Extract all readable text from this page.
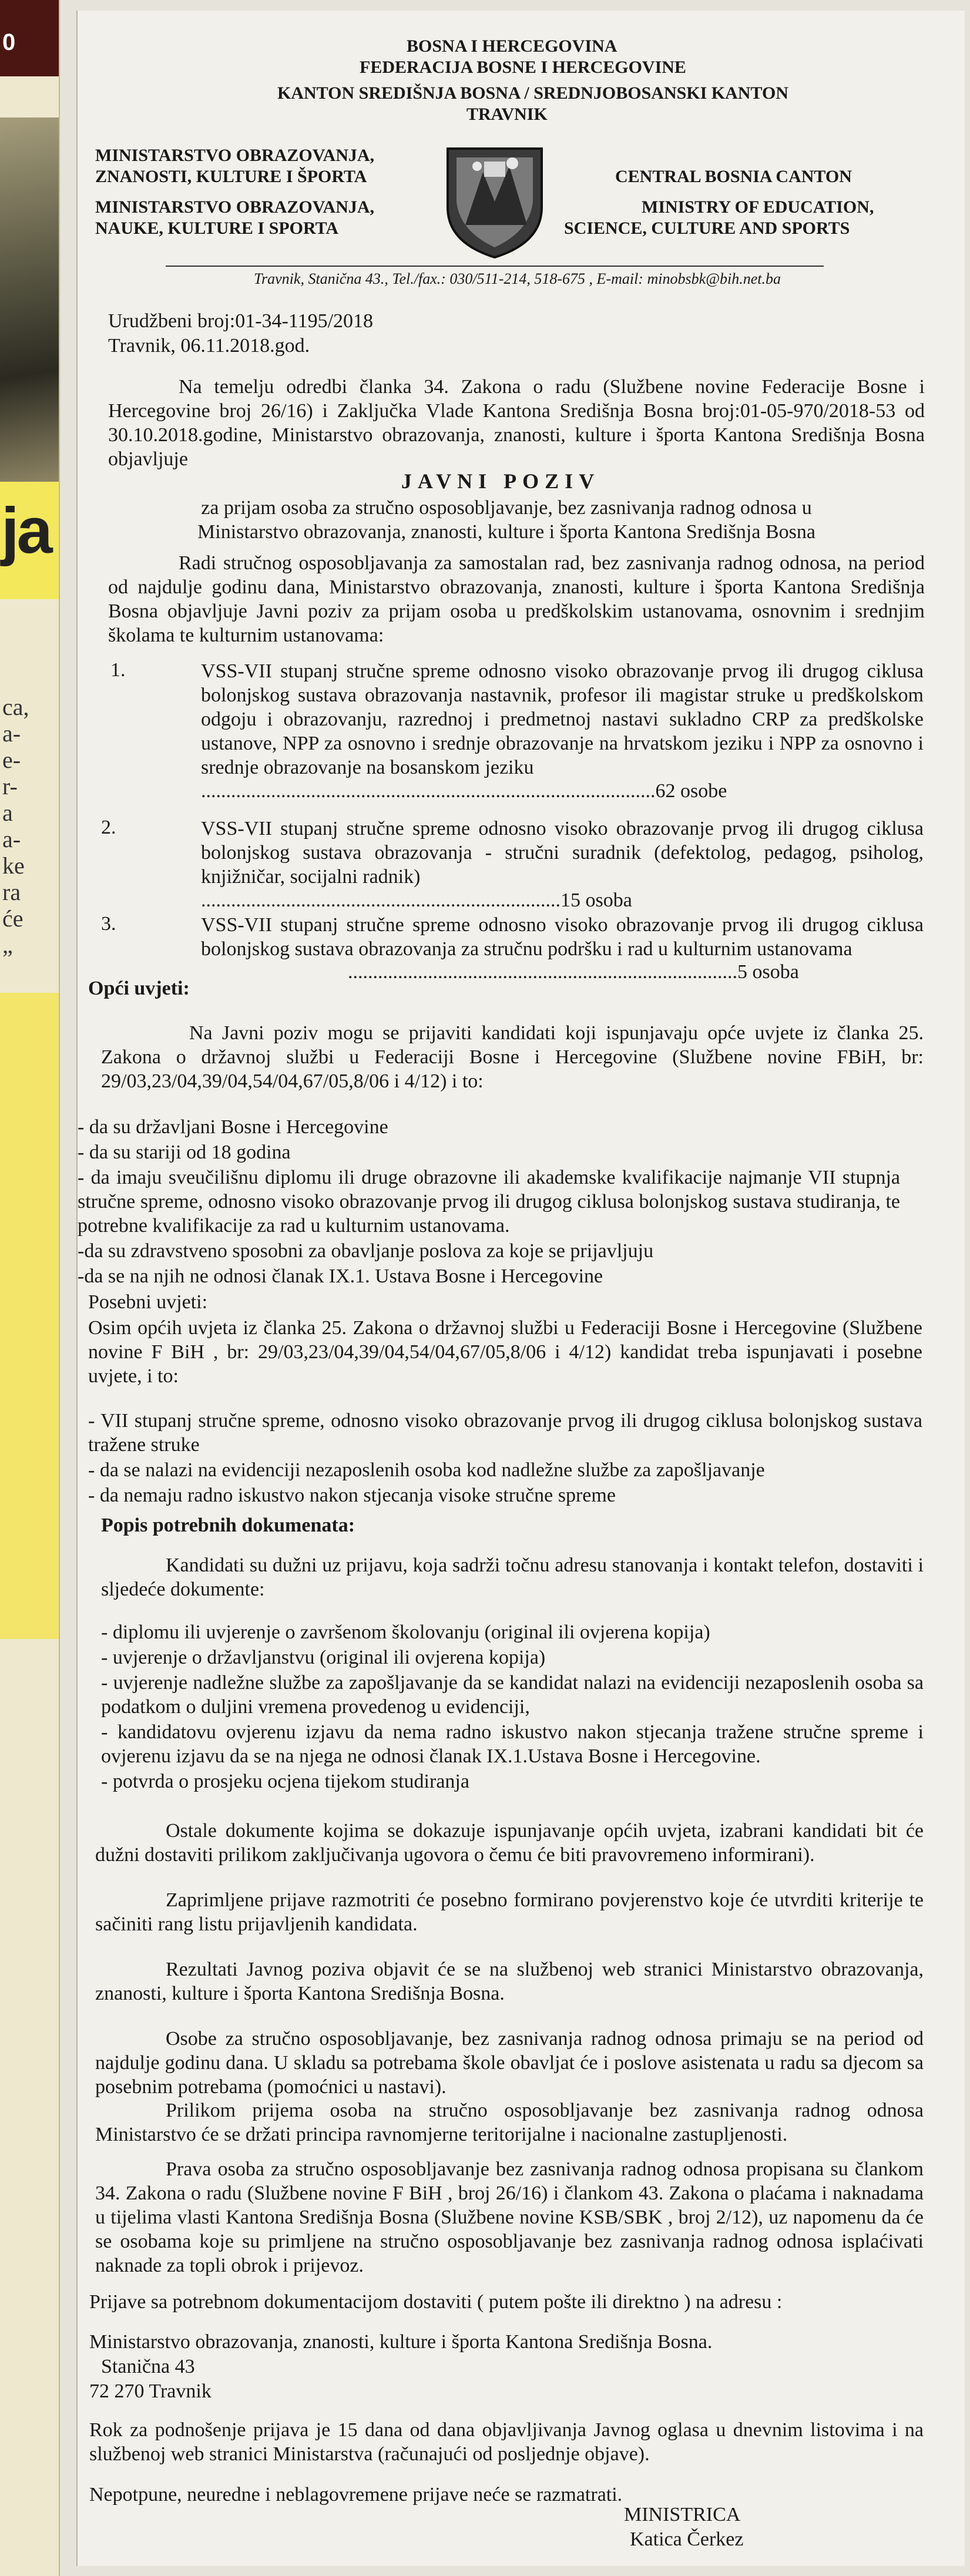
0
ja
ca,
a-
e-
r-
a
a-
ke
ra
će
„
BOSNA I HERCEGOVINA
FEDERACIJA BOSNE I HERCEGOVINE
KANTON SREDIŠNJA BOSNA / SREDNJOBOSANSKI KANTON
TRAVNIK
MINISTARSTVO OBRAZOVANJA,
ZNANOSTI, KULTURE I ŠPORTA
MINISTARSTVO OBRAZOVANJA,
NAUKE, KULTURE I SPORTA
CENTRAL BOSNIA CANTON
MINISTRY OF EDUCATION,
SCIENCE, CULTURE AND SPORTS
Travnik, Stanična 43., Tel./fax.: 030/511-214, 518-675 , E-mail: minobsbk@bih.net.ba
Urudžbeni broj:01-34-1195/2018
Travnik, 06.11.2018.god.

Na temelju odredbi članka 34. Zakona o radu (Službene novine Federacije Bosne i Hercegovine broj 26/16) i Zaključka Vlade Kantona Središnja Bosna broj:01-05-970/2018-53 od 30.10.2018.godine, Ministarstvo obrazovanja, znanosti, kulture i športa Kantona Središnja Bosna objavljuje

JAVNI POZIV

za prijam osoba za stručno osposobljavanje, bez zasnivanja radnog odnosa u Ministarstvo obrazovanja, znanosti, kulture i športa Kantona Središnja Bosna

Radi stručnog osposobljavanja za samostalan rad, bez zasnivanja radnog odnosa, na period od najdulje godinu dana, Ministarstvo obrazovanja, znanosti, kulture i športa Kantona Središnja Bosna objavljuje Javni poziv za prijam osoba u predškolskim ustanovama, osnovnim i srednjim školama te kulturnim ustanovama:

1.	VSS-VII stupanj stručne spreme odnosno visoko obrazovanje prvog ili drugog ciklusa bolonjskog sustava obrazovanja nastavnik, profesor ili magistar struke u predškolskom odgoju i obrazovanju, razrednoj i predmetnoj nastavi sukladno CRP za predškolske ustanove, NPP za osnovno i srednje obrazovanje na hrvatskom jeziku i NPP za osnovno i srednje obrazovanje na bosanskom jeziku

...........................................................................................62 osobe
2.	VSS-VII stupanj stručne spreme odnosno visoko obrazovanje prvog ili drugog ciklusa bolonjskog sustava obrazovanja - stručni suradnik (defektolog, pedagog, psiholog, knjižničar, socijalni radnik)

........................................................................15 osoba
3.	VSS-VII stupanj stručne spreme odnosno visoko obrazovanje prvog ili drugog ciklusa bolonjskog sustava obrazovanja za stručnu podršku i rad u kulturnim ustanovama

..............................................................................5 osoba
Opći uvjeti:

Na Javni poziv mogu se prijaviti kandidati koji ispunjavaju opće uvjete iz članka 25. Zakona o državnoj službi u Federaciji Bosne i Hercegovine (Službene novine FBiH, br: 29/03,23/04,39/04,54/04,67/05,8/06 i 4/12) i to:

- da su državljani Bosne i Hercegovine

- da su stariji od 18 godina

- da imaju sveučilišnu diplomu ili druge obrazovne ili akademske kvalifikacije najmanje VII stupnja stručne spreme, odnosno visoko obrazovanje prvog ili drugog ciklusa bolonjskog sustava studiranja, te potrebne kvalifikacije za rad u kulturnim ustanovama.

-da su zdravstveno sposobni za obavljanje poslova za koje se prijavljuju

-da se na njih ne odnosi članak IX.1. Ustava Bosne i Hercegovine

Posebni uvjeti:

Osim općih uvjeta iz članka 25. Zakona o državnoj službi u Federaciji Bosne i Hercegovine (Službene novine F BiH , br: 29/03,23/04,39/04,54/04,67/05,8/06 i 4/12) kandidat treba ispunjavati i posebne uvjete, i to:

- VII stupanj stručne spreme, odnosno visoko obrazovanje prvog ili drugog ciklusa bolonjskog sustava tražene struke

- da se nalazi na evidenciji nezaposlenih osoba kod nadležne službe za zapošljavanje

- da nemaju radno iskustvo nakon stjecanja visoke stručne spreme

Popis potrebnih dokumenata:

Kandidati su dužni uz prijavu, koja sadrži točnu adresu stanovanja i kontakt telefon, dostaviti i sljedeće dokumente:

- diplomu ili uvjerenje o završenom školovanju (original ili ovjerena kopija)

- uvjerenje o državljanstvu (original ili ovjerena kopija)

- uvjerenje nadležne službe za zapošljavanje da se kandidat nalazi na evidenciji nezaposlenih osoba sa podatkom o duljini vremena provedenog u evidenciji,

- kandidatovu ovjerenu izjavu da nema radno iskustvo nakon stjecanja tražene stručne spreme i ovjerenu izjavu da se na njega ne odnosi članak IX.1.Ustava Bosne i Hercegovine.

- potvrda o prosjeku ocjena tijekom studiranja

Ostale dokumente kojima se dokazuje ispunjavanje općih uvjeta, izabrani kandidati bit će dužni dostaviti prilikom zaključivanja ugovora o čemu će biti pravovremeno informirani).

Zaprimljene prijave razmotriti će posebno formirano povjerenstvo koje će utvrditi kriterije te sačiniti rang listu prijavljenih kandidata.

Rezultati Javnog poziva objavit će se na službenoj web stranici Ministarstvo obrazovanja, znanosti, kulture i športa Kantona Središnja Bosna.

Osobe za stručno osposobljavanje, bez zasnivanja radnog odnosa primaju se na period od najdulje godinu dana. U skladu sa potrebama škole obavljat će i poslove asistenata u radu sa djecom sa posebnim potrebama (pomoćnici u nastavi).

Prilikom prijema osoba na stručno osposobljavanje bez zasnivanja radnog odnosa Ministarstvo će se držati principa ravnomjerne teritorijalne i nacionalne zastupljenosti.

Prava osoba za stručno osposobljavanje bez zasnivanja radnog odnosa propisana su člankom 34. Zakona o radu (Službene novine F BiH , broj 26/16) i člankom 43. Zakona o plaćama i naknadama u tijelima vlasti Kantona Središnja Bosna (Službene novine KSB/SBK , broj 2/12), uz napomenu da će se osobama koje su primljene na stručno osposobljavanje bez zasnivanja radnog odnosa isplaćivati naknade za topli obrok i prijevoz.

Prijave sa potrebnom dokumentacijom dostaviti ( putem pošte ili direktno ) na adresu :
Ministarstvo obrazovanja, znanosti, kulture i športa Kantona Središnja Bosna.
Stanična 43
72 270 Travnik

Rok za podnošenje prijava je 15 dana od dana objavljivanja Javnog oglasa u dnevnim listovima i na službenoj web stranici Ministarstva (računajući od posljednje objave).

Nepotpune, neuredne i neblagovremene prijave neće se razmatrati.
MINISTRICA
Katica Čerkez
